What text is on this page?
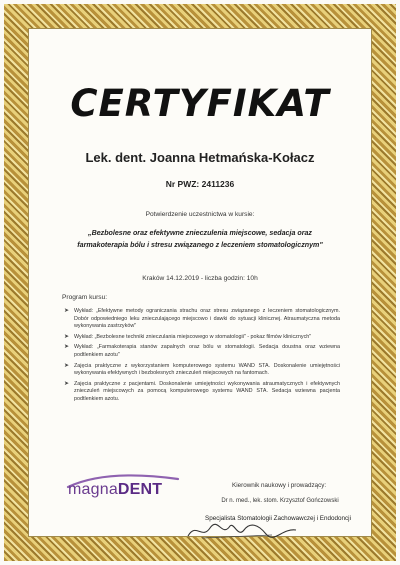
CERTYFIKAT
Lek. dent. Joanna Hetmańska-Kołacz
Nr PWZ: 2411236
Potwierdzenie uczestnictwa w kursie:
„Bezbolesne oraz efektywne znieczulenia miejscowe, sedacja oraz farmakoterapia bólu i stresu związanego z leczeniem stomatologicznym"
Kraków 14.12.2019 - liczba godzin: 10h
Program kursu:
➤ Wykład: „Efektywne metody ograniczania strachu oraz stresu związanego z leczeniem stomatologicznym. Dobór odpowiedniego leku znieczulającego miejscowo i dawki do sytuacji klinicznej. Atraumatyczna metoda wykonywania zastrzyków"
➤ Wykład: „Bezbolesne techniki znieczulania miejscowego w stomatologii" - pokaz filmów klinicznych"
➤ Wykład: „Farmakoterapia stanów zapalnych oraz bólu w stomatologii. Sedacja doustna oraz wziewna podtlenkiem azotu"
➤ Zajęcia praktyczne z wykorzystaniem komputerowego systemu WAND STA. Doskonalenie umiejętności wykonywania efektywnych i bezbolesnych znieczuleń miejscowych na fantomach.
➤ Zajęcia praktyczne z pacjentami. Doskonalenie umiejętności wykonywania atraumatycznych i efektywnych znieczuleń miejscowych za pomocą komputerowego systemu WAND STA. Sedacja wziewna pacjenta podtlenkiem azotu.
magnaDENT	Kierownik naukowy i prowadzący:
Dr n. med., lek. stom. Krzysztof Gończowski
Specjalista Stomatologii Zachowawczej i Endodoncji
